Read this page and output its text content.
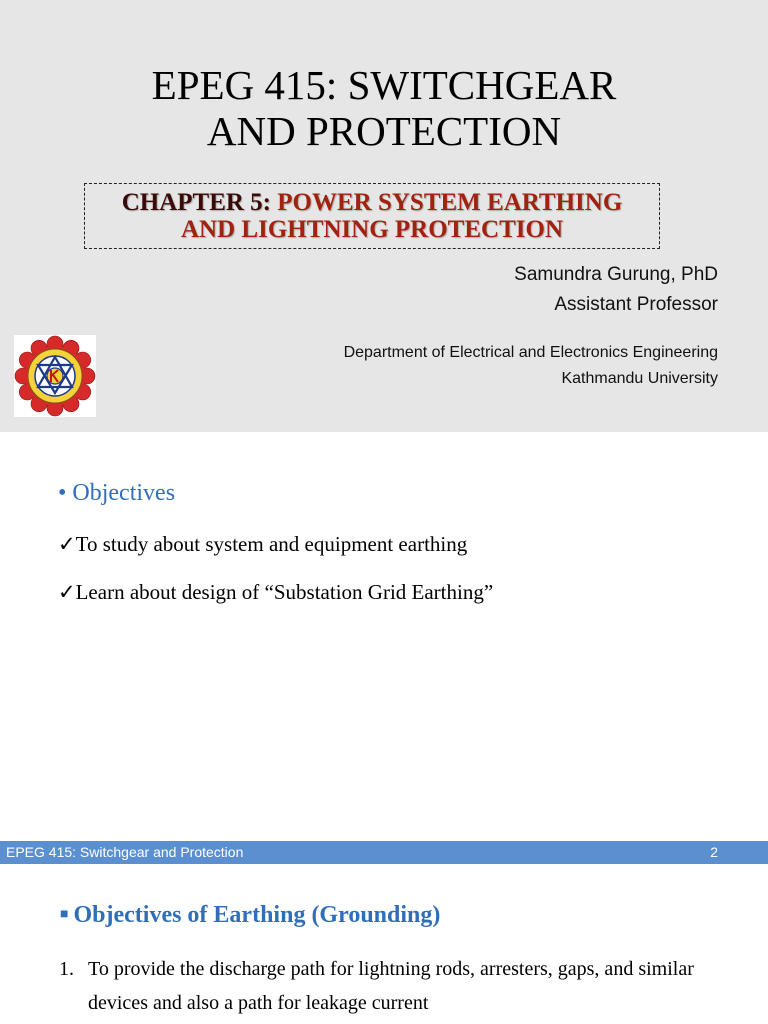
EPEG 415: SWITCHGEAR
AND PROTECTION
CHAPTER 5: POWER SYSTEM EARTHING
AND LIGHTNING PROTECTION
Samundra Gurung, PhD
Assistant Professor
Department of Electrical and Electronics Engineering
Kathmandu University
• Objectives
✓To study about system and equipment earthing
✓Learn about design of “Substation Grid Earthing”
EPEG 415: Switchgear and Protection	2
■ Objectives of Earthing (Grounding)
1. To provide the discharge path for lightning rods, arresters, gaps, and similar devices and also a path for leakage current
